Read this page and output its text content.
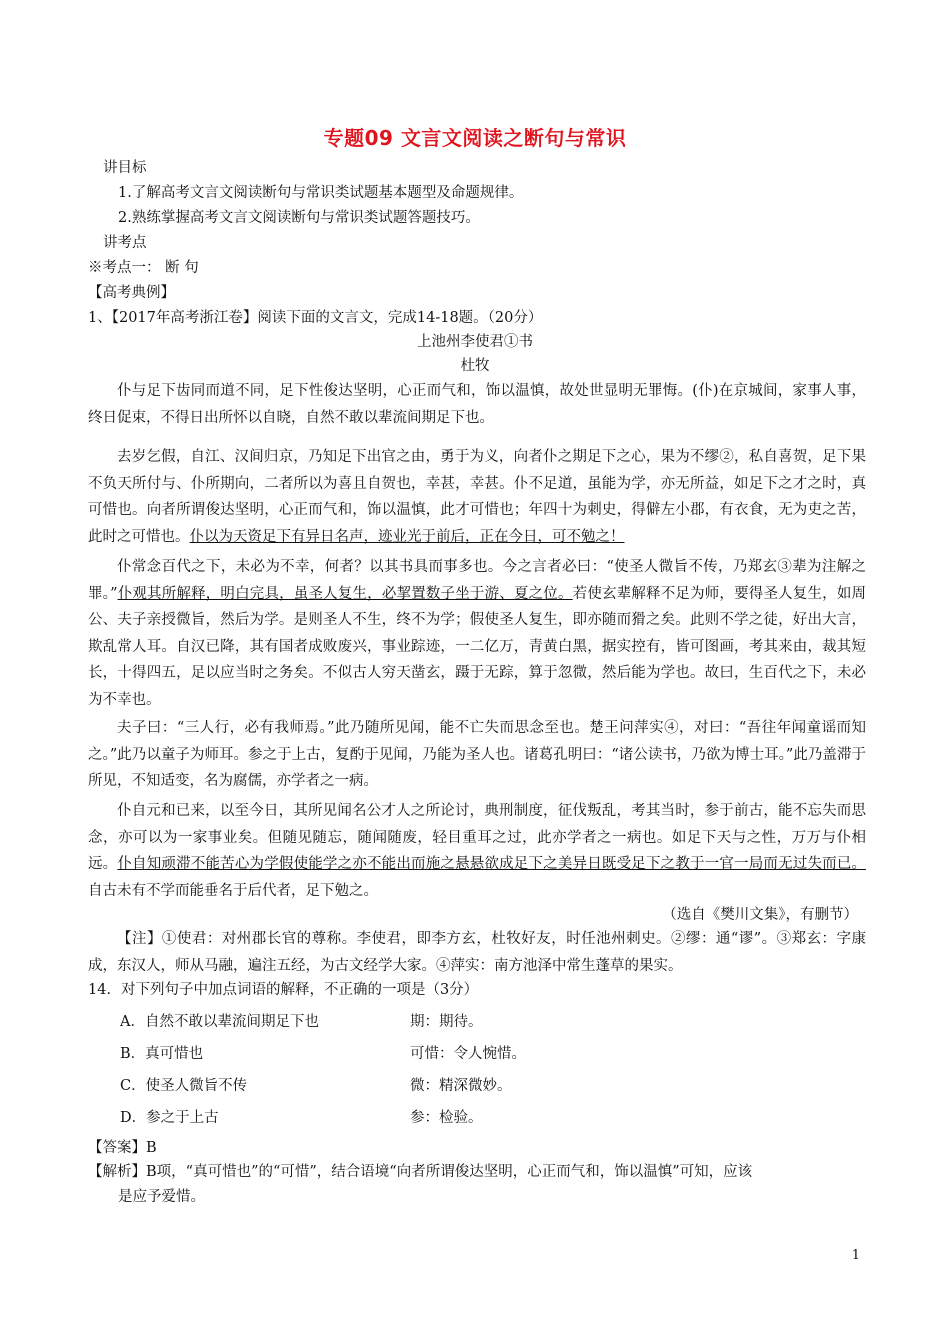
专题09 文言文阅读之断句与常识
讲目标
1.了解高考文言文阅读断句与常识类试题基本题型及命题规律。
2.熟练掌握高考文言文阅读断句与常识类试题答题技巧。
讲考点
※考点一： 断 句
【高考典例】
1、【2017年高考浙江卷】阅读下面的文言文，完成14-18题。（20分）
上池州李使君①书
杜牧
仆与足下齿同而道不同，足下性俊达坚明，心正而气和，饰以温慎，故处世显明无罪悔。(仆)在京城间，家事人事，终日促束，不得日出所怀以自晓，自然不敢以辈流间期足下也。
去岁乞假，自江、汉间归京，乃知足下出官之由，勇于为义，向者仆之期足下之心，果为不缪②，私自喜贺，足下果不负天所付与、仆所期向，二者所以为喜且自贺也，幸甚，幸甚。仆不足道，虽能为学，亦无所益，如足下之才之时，真可惜也。向者所谓俊达坚明，心正而气和，饰以温慎，此才可惜也；年四十为刺史，得僻左小郡，有衣食，无为吏之苦，此时之可惜也。仆以为天资足下有异日名声，迹业光于前后，正在今日，可不勉之！
仆常念百代之下，未必为不幸，何者？以其书具而事多也。今之言者必曰：“使圣人微旨不传，乃郑玄③辈为注解之罪。”仆观其所解释，明白完具，虽圣人复生，必挈置数子坐于游、夏之位。若使玄辈解释不足为师，要得圣人复生，如周公、夫子亲授微旨，然后为学。是则圣人不生，终不为学；假使圣人复生，即亦随而猾之矣。此则不学之徒，好出大言，欺乱常人耳。自汉已降，其有国者成败废兴，事业踪迹，一二亿万，青黄白黑，据实控有，皆可图画，考其来由，裁其短长，十得四五，足以应当时之务矣。不似古人穷天凿玄，蹑于无踪，算于忽微，然后能为学也。故曰，生百代之下，未必为不幸也。
夫子曰：“三人行，必有我师焉。”此乃随所见闻，能不亡失而思念至也。楚王问萍实④，对曰：“吾往年闻童谣而知之。”此乃以童子为师耳。参之于上古，复酌于见闻，乃能为圣人也。诸葛孔明曰：“诸公读书，乃欲为博士耳。”此乃盖滞于所见，不知适变，名为腐儒，亦学者之一病。
仆自元和已来，以至今日，其所见闻名公才人之所论讨，典刑制度，征伐叛乱，考其当时，参于前古，能不忘失而思念，亦可以为一家事业矣。但随见随忘，随闻随废，轻目重耳之过，此亦学者之一病也。如足下天与之性，万万与仆相远。仆自知顽滞不能苦心为学假使能学之亦不能出而施之悬悬欲成足下之美异日既受足下之教于一官一局而无过失而已。自古未有不学而能垂名于后代者，足下勉之。
（选自《樊川文集》，有删节）
【注】①使君：对州郡长官的尊称。李使君，即李方玄，杜牧好友，时任池州刺史。②缪：通“谬”。③郑玄：字康成，东汉人，师从马融，遍注五经，为古文经学大家。④萍实：南方池泽中常生蓬草的果实。
14．对下列句子中加点词语的解释，不正确的一项是（3分）
A．自然不敢以辈流间期足下也	期：期待。
B．真可惜也	可惜：令人惋惜。
C．使圣人微旨不传	微：精深微妙。
D．参之于上古	参：检验。
【答案】B
【解析】B项，“真可惜也”的“可惜”，结合语境“向者所谓俊达坚明，心正而气和，饰以温慎”可知，应该
是应予爱惜。
1
